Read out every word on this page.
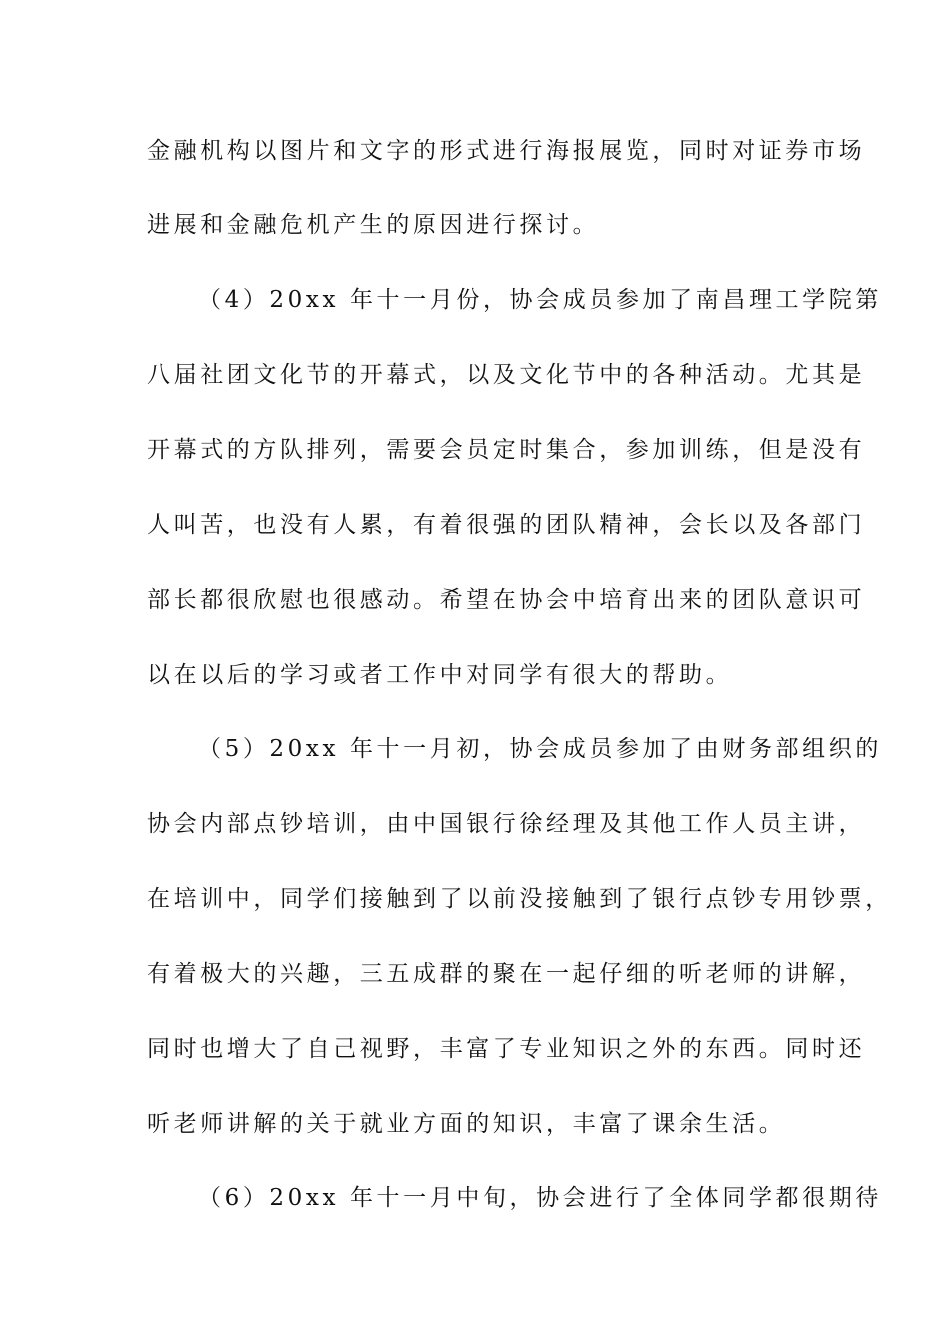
金融机构以图片和文字的形式进行海报展览，同时对证券市场
进展和金融危机产生的原因进行探讨。
（4）20xx 年十一月份，协会成员参加了南昌理工学院第
八届社团文化节的开幕式，以及文化节中的各种活动。尤其是
开幕式的方队排列，需要会员定时集合，参加训练，但是没有
人叫苦，也没有人累，有着很强的团队精神，会长以及各部门
部长都很欣慰也很感动。希望在协会中培育出来的团队意识可
以在以后的学习或者工作中对同学有很大的帮助。
（5）20xx 年十一月初，协会成员参加了由财务部组织的
协会内部点钞培训，由中国银行徐经理及其他工作人员主讲，
在培训中，同学们接触到了以前没接触到了银行点钞专用钞票，
有着极大的兴趣，三五成群的聚在一起仔细的听老师的讲解，
同时也增大了自己视野，丰富了专业知识之外的东西。同时还
听老师讲解的关于就业方面的知识，丰富了课余生活。
（6）20xx 年十一月中旬，协会进行了全体同学都很期待
